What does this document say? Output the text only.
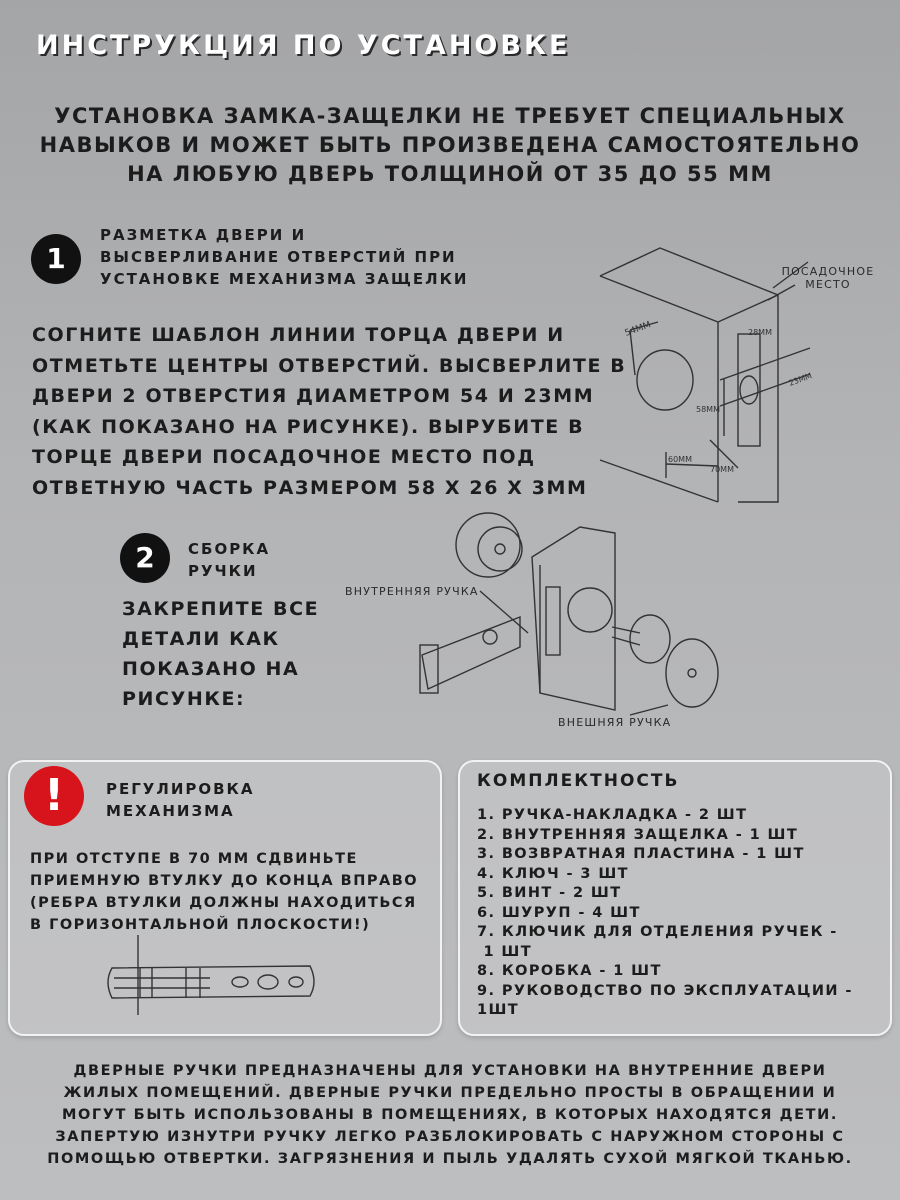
ИНСТРУКЦИЯ ПО УСТАНОВКЕ
УСТАНОВКА ЗАМКА-ЗАЩЕЛКИ НЕ ТРЕБУЕТ СПЕЦИАЛЬНЫХ
НАВЫКОВ И МОЖЕТ БЫТЬ ПРОИЗВЕДЕНА САМОСТОЯТЕЛЬНО
НА ЛЮБУЮ ДВЕРЬ ТОЛЩИНОЙ ОТ 35 ДО 55 ММ
1
РАЗМЕТКА ДВЕРИ И
ВЫСВЕРЛИВАНИЕ ОТВЕРСТИЙ ПРИ
УСТАНОВКЕ МЕХАНИЗМА ЗАЩЕЛКИ
СОГНИТЕ ШАБЛОН ЛИНИИ ТОРЦА ДВЕРИ И
ОТМЕТЬТЕ ЦЕНТРЫ ОТВЕРСТИЙ. ВЫСВЕРЛИТЕ В
ДВЕРИ 2 ОТВЕРСТИЯ ДИАМЕТРОМ 54 И 23ММ
(КАК ПОКАЗАНО НА РИСУНКЕ). ВЫРУБИТЕ В
ТОРЦЕ ДВЕРИ ПОСАДОЧНОЕ МЕСТО ПОД
ОТВЕТНУЮ ЧАСТЬ РАЗМЕРОМ 58 Х 26 Х 3ММ
54ММ	28ММ
23ММ
58ММ
60ММ
70ММ
ПОСАДОЧНОЕ
МЕСТО
2	СБОРКА
РУЧКИ
ЗАКРЕПИТЕ ВСЕ
ДЕТАЛИ КАК
ПОКАЗАНО НА
РИСУНКЕ:
ВНУТРЕННЯЯ РУЧКА
ВНЕШНЯЯ РУЧКА
!	РЕГУЛИРОВКА
МЕХАНИЗМА
ПРИ ОТСТУПЕ В 70 ММ СДВИНЬТЕ
ПРИЕМНУЮ ВТУЛКУ ДО КОНЦА ВПРАВО
(РЕБРА ВТУЛКИ ДОЛЖНЫ НАХОДИТЬСЯ
В ГОРИЗОНТАЛЬНОЙ ПЛОСКОСТИ!)
КОМПЛЕКТНОСТЬ
1. РУЧКА-НАКЛАДКА - 2 ШТ
2. ВНУТРЕННЯЯ ЗАЩЕЛКА - 1 ШТ
3. ВОЗВРАТНАЯ ПЛАСТИНА - 1 ШТ
4. КЛЮЧ - 3 ШТ
5. ВИНТ - 2 ШТ
6. ШУРУП - 4 ШТ
7. КЛЮЧИК ДЛЯ ОТДЕЛЕНИЯ РУЧЕК -
1 ШТ
8. КОРОБКА - 1 ШТ
9. РУКОВОДСТВО ПО ЭКСПЛУАТАЦИИ -
1ШТ
ДВЕРНЫЕ РУЧКИ ПРЕДНАЗНАЧЕНЫ ДЛЯ УСТАНОВКИ НА ВНУТРЕННИЕ ДВЕРИ
ЖИЛЫХ ПОМЕЩЕНИЙ. ДВЕРНЫЕ РУЧКИ ПРЕДЕЛЬНО ПРОСТЫ В ОБРАЩЕНИИ И
МОГУТ БЫТЬ ИСПОЛЬЗОВАНЫ В ПОМЕЩЕНИЯХ, В КОТОРЫХ НАХОДЯТСЯ ДЕТИ.
ЗАПЕРТУЮ ИЗНУТРИ РУЧКУ ЛЕГКО РАЗБЛОКИРОВАТЬ С НАРУЖНОМ СТОРОНЫ С
ПОМОЩЬЮ ОТВЕРТКИ. ЗАГРЯЗНЕНИЯ И ПЫЛЬ УДАЛЯТЬ СУХОЙ МЯГКОЙ ТКАНЬЮ.
